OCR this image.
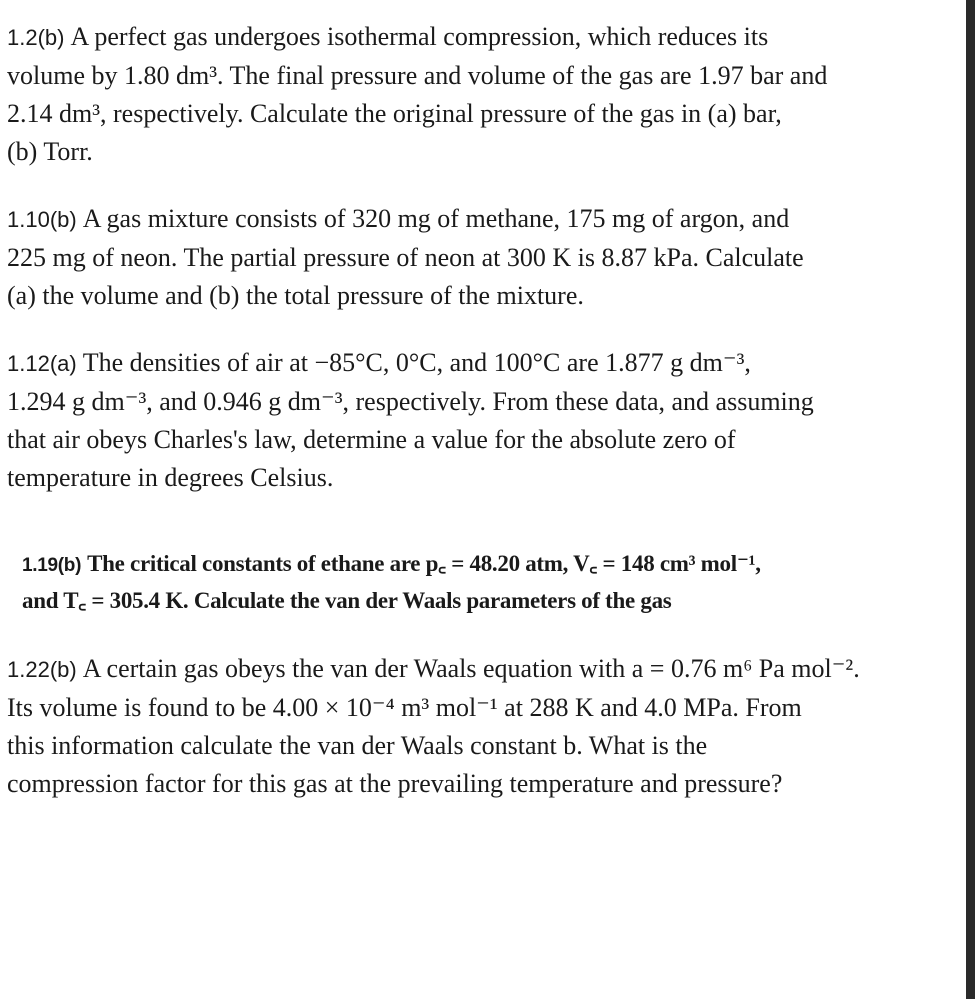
1.2(b) A perfect gas undergoes isothermal compression, which reduces its
volume by 1.80 dm³. The final pressure and volume of the gas are 1.97 bar and
2.14 dm³, respectively. Calculate the original pressure of the gas in (a) bar,
(b) Torr.
1.10(b) A gas mixture consists of 320 mg of methane, 175 mg of argon, and
225 mg of neon. The partial pressure of neon at 300 K is 8.87 kPa. Calculate
(a) the volume and (b) the total pressure of the mixture.
1.12(a) The densities of air at −85°C, 0°C, and 100°C are 1.877 g dm⁻³,
1.294 g dm⁻³, and 0.946 g dm⁻³, respectively. From these data, and assuming
that air obeys Charles's law, determine a value for the absolute zero of
temperature in degrees Celsius.
1.19(b) The critical constants of ethane are p꜀ = 48.20 atm, V꜀ = 148 cm³ mol⁻¹,
and T꜀ = 305.4 K. Calculate the van der Waals parameters of the gas
1.22(b) A certain gas obeys the van der Waals equation with a = 0.76 m⁶ Pa mol⁻².
Its volume is found to be 4.00 × 10⁻⁴ m³ mol⁻¹ at 288 K and 4.0 MPa. From
this information calculate the van der Waals constant b. What is the
compression factor for this gas at the prevailing temperature and pressure?
